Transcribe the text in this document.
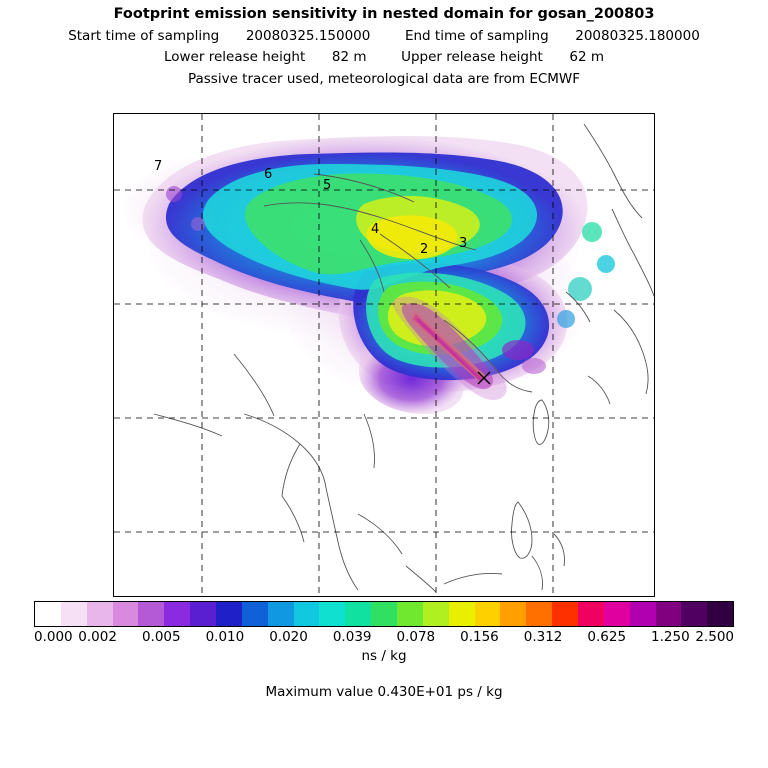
Footprint emission sensitivity in nested domain for gosan_200803
Start time of sampling 20080325.150000	End time of sampling 20080325.180000
Lower release height 82 m	Upper release height 62 m
Passive tracer used, meteorological data are from ECMWF
7
6
5
4
2 3
0.000 0.002 0.005 0.010 0.020 0.039 0.078 0.156 0.312 0.625 1.250 2.500
ns / kg
Maximum value 0.430E+01 ps / kg
